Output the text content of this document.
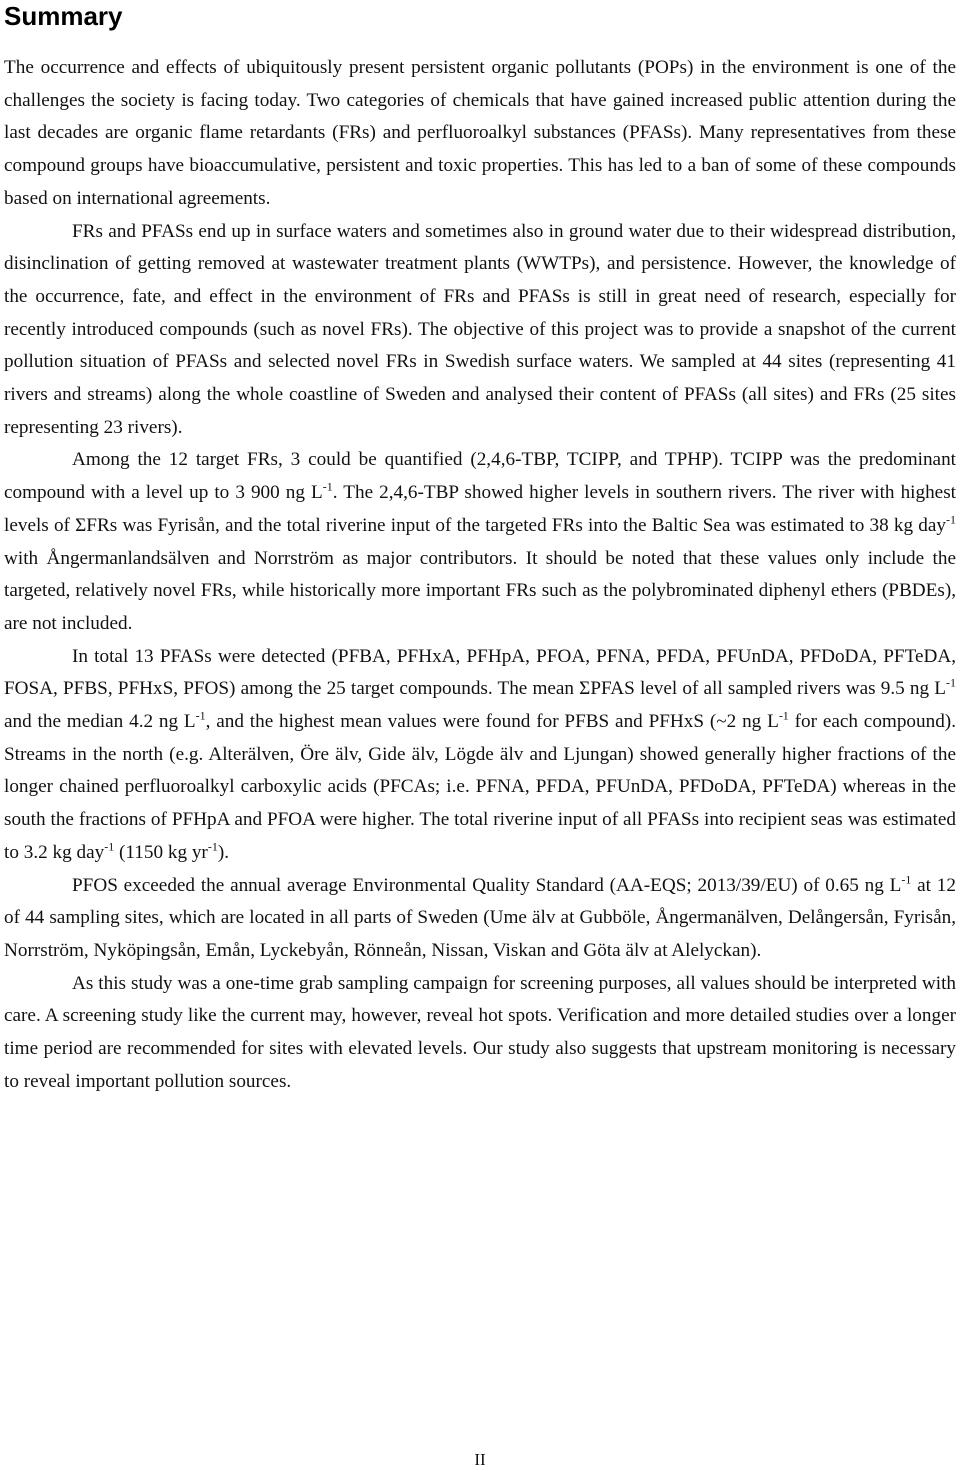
Summary

The occurrence and effects of ubiquitously present persistent organic pollutants (POPs) in the environment is one of the challenges the society is facing today. Two categories of chemicals that have gained increased public attention during the last decades are organic flame retardants (FRs) and perfluoroalkyl substances (PFASs). Many representatives from these compound groups have bioaccumulative, persistent and toxic properties. This has led to a ban of some of these compounds based on international agreements.

FRs and PFASs end up in surface waters and sometimes also in ground water due to their widespread distribution, disinclination of getting removed at wastewater treatment plants (WWTPs), and persistence. However, the knowledge of the occurrence, fate, and effect in the environment of FRs and PFASs is still in great need of research, especially for recently introduced compounds (such as novel FRs). The objective of this project was to provide a snapshot of the current pollution situation of PFASs and selected novel FRs in Swedish surface waters. We sampled at 44 sites (representing 41 rivers and streams) along the whole coastline of Sweden and analysed their content of PFASs (all sites) and FRs (25 sites representing 23 rivers).

Among the 12 target FRs, 3 could be quantified (2,4,6-TBP, TCIPP, and TPHP). TCIPP was the predominant compound with a level up to 3 900 ng $L^{-1}$. The 2,4,6-TBP showed higher levels in southern rivers. The river with highest levels of ΣFRs was Fyrisån, and the total riverine input of the targeted FRs into the Baltic Sea was estimated to 38 kg day$^{-1}$ with Ångermanlandsälven and Norrström as major contributors. It should be noted that these values only include the targeted, relatively novel FRs, while historically more important FRs such as the polybrominated diphenyl ethers (PBDEs), are not included.

In total 13 PFASs were detected (PFBA, PFHxA, PFHpA, PFOA, PFNA, PFDA, PFUnDA, PFDoDA, PFTeDA, FOSA, PFBS, PFHxS, PFOS) among the 25 target compounds. The mean ΣPFAS level of all sampled rivers was 9.5 ng $L^{-1}$ and the median 4.2 ng $L^{-1}$, and the highest mean values were found for PFBS and PFHxS (~2 ng $L^{-1}$ for each compound). Streams in the north (e.g. Alterälven, Öre älv, Gide älv, Lögde älv and Ljungan) showed generally higher fractions of the longer chained perfluoroalkyl carboxylic acids (PFCAs; i.e. PFNA, PFDA, PFUnDA, PFDoDA, PFTeDA) whereas in the south the fractions of PFHpA and PFOA were higher. The total riverine input of all PFASs into recipient seas was estimated to 3.2 kg day$^{-1}$ (1150 kg $yr^{-1}$).

PFOS exceeded the annual average Environmental Quality Standard (AA-EQS; 2013/39/EU) of 0.65 ng $L^{-1}$ at 12 of 44 sampling sites, which are located in all parts of Sweden (Ume älv at Gubböle, Ångermanälven, Delångersån, Fyrisån, Norrström, Nyköpingsån, Emån, Lyckebyån, Rönneån, Nissan, Viskan and Göta älv at Alelyckan).

As this study was a one-time grab sampling campaign for screening purposes, all values should be interpreted with care. A screening study like the current may, however, reveal hot spots. Verification and more detailed studies over a longer time period are recommended for sites with elevated levels. Our study also suggests that upstream monitoring is necessary to reveal important pollution sources.

II
